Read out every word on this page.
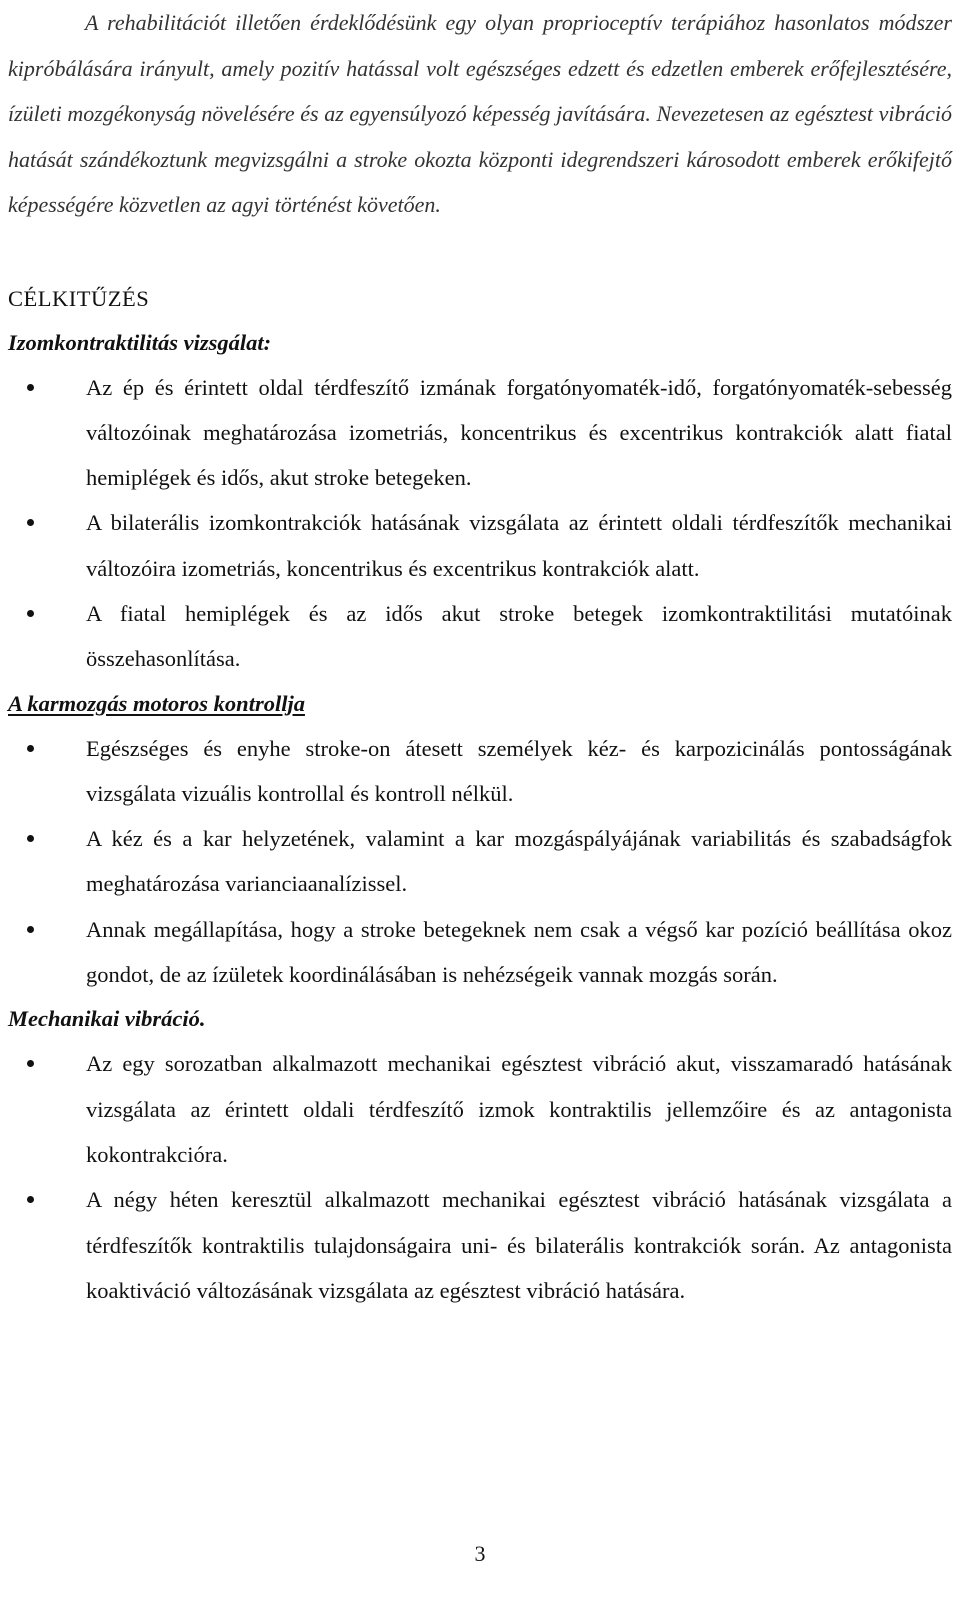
A rehabilitációt illetően érdeklődésünk egy olyan proprioceptív terápiához hasonlatos módszer kipróbálására irányult, amely pozitív hatással volt egészséges edzett és edzetlen emberek erőfejlesztésére, ízületi mozgékonyság növelésére és az egyensúlyozó képesség javítására. Nevezetesen az egésztest vibráció hatását szándékoztunk megvizsgálni a stroke okozta központi idegrendszeri károsodott emberek erőkifejtő képességére közvetlen az agyi történést követően.

CÉLKITŰZÉS
Izomkontraktilitás vizsgálat:
Az ép és érintett oldal térdfeszítő izmának forgatónyomaték-idő, forgatónyomaték-sebesség változóinak meghatározása izometriás, koncentrikus és excentrikus kontrakciók alatt fiatal hemiplégek és idős, akut stroke betegeken.
A bilaterális izomkontrakciók hatásának vizsgálata az érintett oldali térdfeszítők mechanikai változóira izometriás, koncentrikus és excentrikus kontrakciók alatt.
A fiatal hemiplégek és az idős akut stroke betegek izomkontraktilitási mutatóinak összehasonlítása.
A karmozgás motoros kontrollja
Egészséges és enyhe stroke-on átesett személyek kéz- és karpozicinálás pontosságának vizsgálata vizuális kontrollal és kontroll nélkül.
A kéz és a kar helyzetének, valamint a kar mozgáspályájának variabilitás és szabadságfok meghatározása varianciaanalízissel.
Annak megállapítása, hogy a stroke betegeknek nem csak a végső kar pozíció beállítása okoz gondot, de az ízületek koordinálásában is nehézségeik vannak mozgás során.
Mechanikai vibráció.
Az egy sorozatban alkalmazott mechanikai egésztest vibráció akut, visszamaradó hatásának vizsgálata az érintett oldali térdfeszítő izmok kontraktilis jellemzőire és az antagonista kokontrakcióra.
A négy héten keresztül alkalmazott mechanikai egésztest vibráció hatásának vizsgálata a térdfeszítők kontraktilis tulajdonságaira uni- és bilaterális kontrakciók során. Az antagonista koaktiváció változásának vizsgálata az egésztest vibráció hatására.
3
